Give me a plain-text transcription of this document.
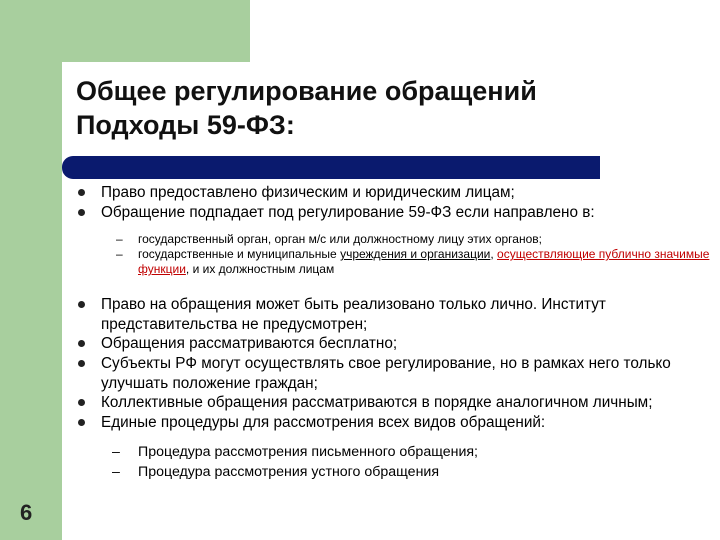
Общее регулирование обращений
Подходы 59-ФЗ:
Право предоставлено физическим и юридическим лицам;
Обращение подпадает под регулирование 59-ФЗ если направлено в:
– государственный орган, орган м/с или должностному лицу этих органов;
– государственные и муниципальные учреждения и организации, осуществляющие публично значимые функции, и их должностным лицам
Право на обращения может быть реализовано только лично. Институт представительства не предусмотрен;
Обращения рассматриваются бесплатно;
Субъекты РФ могут осуществлять свое регулирование, но в рамках него только улучшать положение граждан;
Коллективные обращения рассматриваются в порядке аналогичном личным;
Единые процедуры для рассмотрения всех видов обращений:
– Процедура рассмотрения письменного обращения;
– Процедура рассмотрения устного обращения
6
